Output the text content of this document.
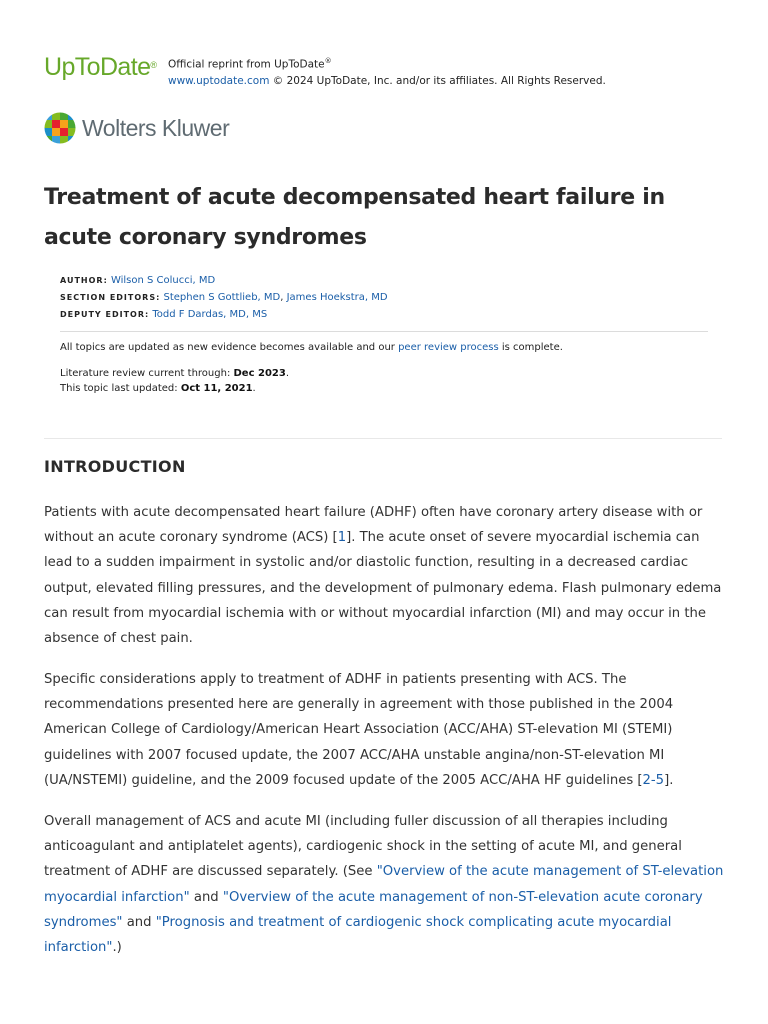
UpToDate® Official reprint from UpToDate®
www.uptodate.com © 2024 UpToDate, Inc. and/or its affiliates. All Rights Reserved.
Wolters Kluwer
Treatment of acute decompensated heart failure in acute coronary syndromes
AUTHOR: Wilson S Colucci, MD
SECTION EDITORS: Stephen S Gottlieb, MD, James Hoekstra, MD
DEPUTY EDITOR: Todd F Dardas, MD, MS
All topics are updated as new evidence becomes available and our peer review process is complete.
Literature review current through: Dec 2023.
This topic last updated: Oct 11, 2021.
INTRODUCTION

Patients with acute decompensated heart failure (ADHF) often have coronary artery disease with or without an acute coronary syndrome (ACS) [1]. The acute onset of severe myocardial ischemia can lead to a sudden impairment in systolic and/or diastolic function, resulting in a decreased cardiac output, elevated filling pressures, and the development of pulmonary edema. Flash pulmonary edema can result from myocardial ischemia with or without myocardial infarction (MI) and may occur in the absence of chest pain.

Specific considerations apply to treatment of ADHF in patients presenting with ACS. The recommendations presented here are generally in agreement with those published in the 2004 American College of Cardiology/American Heart Association (ACC/AHA) ST-elevation MI (STEMI) guidelines with 2007 focused update, the 2007 ACC/AHA unstable angina/non-ST-elevation MI (UA/NSTEMI) guideline, and the 2009 focused update of the 2005 ACC/AHA HF guidelines [2-5].

Overall management of ACS and acute MI (including fuller discussion of all therapies including anticoagulant and antiplatelet agents), cardiogenic shock in the setting of acute MI, and general treatment of ADHF are discussed separately. (See "Overview of the acute management of ST-elevation myocardial infarction" and "Overview of the acute management of non-ST-elevation acute coronary syndromes" and "Prognosis and treatment of cardiogenic shock complicating acute myocardial infarction".)
